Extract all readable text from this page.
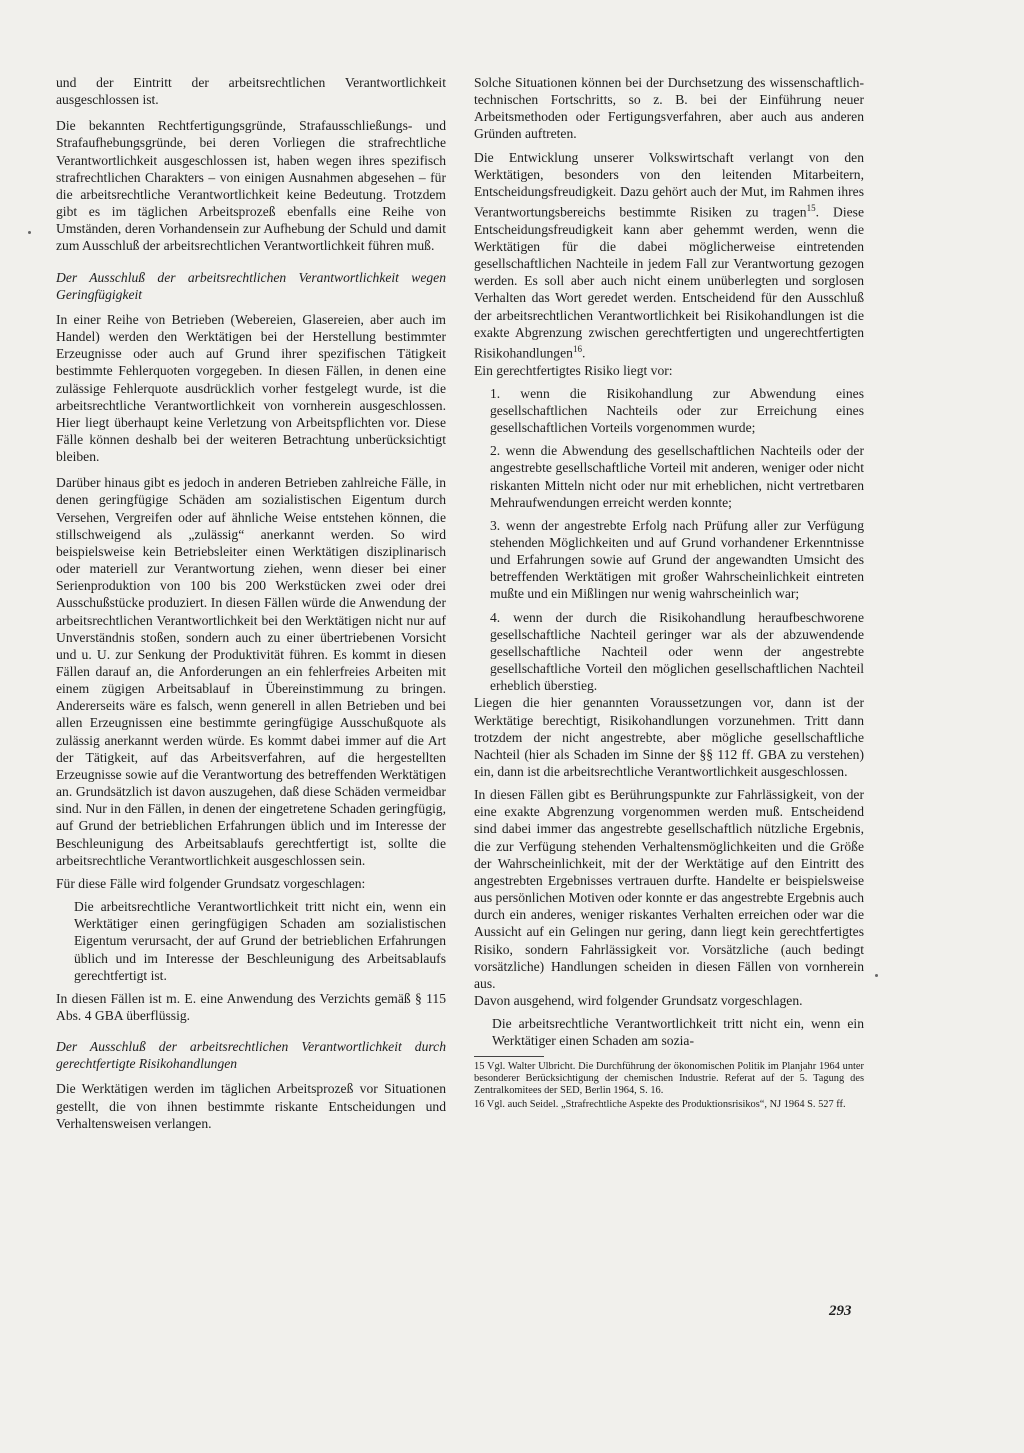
und der Eintritt der arbeitsrechtlichen Verantwortlichkeit ausgeschlossen ist.

Die bekannten Rechtfertigungsgründe, Strafausschließungs- und Strafaufhebungsgründe, bei deren Vorliegen die strafrechtliche Verantwortlichkeit ausgeschlossen ist, haben wegen ihres spezifisch strafrechtlichen Charakters – von einigen Ausnahmen abgesehen – für die arbeitsrechtliche Verantwortlichkeit keine Bedeutung. Trotzdem gibt es im täglichen Arbeitsprozeß ebenfalls eine Reihe von Umständen, deren Vorhandensein zur Aufhebung der Schuld und damit zum Ausschluß der arbeitsrechtlichen Verantwortlichkeit führen muß.

Der Ausschluß der arbeitsrechtlichen Verantwortlichkeit wegen Geringfügigkeit

In einer Reihe von Betrieben (Webereien, Glasereien, aber auch im Handel) werden den Werktätigen bei der Herstellung bestimmter Erzeugnisse oder auch auf Grund ihrer spezifischen Tätigkeit bestimmte Fehlerquoten vorgegeben. In diesen Fällen, in denen eine zulässige Fehlerquote ausdrücklich vorher festgelegt wurde, ist die arbeitsrechtliche Verantwortlichkeit von vornherein ausgeschlossen. Hier liegt überhaupt keine Verletzung von Arbeitspflichten vor. Diese Fälle können deshalb bei der weiteren Betrachtung unberücksichtigt bleiben.

Darüber hinaus gibt es jedoch in anderen Betrieben zahlreiche Fälle, in denen geringfügige Schäden am sozialistischen Eigentum durch Versehen, Vergreifen oder auf ähnliche Weise entstehen können, die stillschweigend als „zulässig“ anerkannt werden. So wird beispielsweise kein Betriebsleiter einen Werktätigen disziplinarisch oder materiell zur Verantwortung ziehen, wenn dieser bei einer Serienproduktion von 100 bis 200 Werkstücken zwei oder drei Ausschußstücke produziert. In diesen Fällen würde die Anwendung der arbeitsrechtlichen Verantwortlichkeit bei den Werktätigen nicht nur auf Unverständnis stoßen, sondern auch zu einer übertriebenen Vorsicht und u. U. zur Senkung der Produktivität führen. Es kommt in diesen Fällen darauf an, die Anforderungen an ein fehlerfreies Arbeiten mit einem zügigen Arbeitsablauf in Übereinstimmung zu bringen. Andererseits wäre es falsch, wenn generell in allen Betrieben und bei allen Erzeugnissen eine bestimmte geringfügige Ausschußquote als zulässig anerkannt werden würde. Es kommt dabei immer auf die Art der Tätigkeit, auf das Arbeitsverfahren, auf die hergestellten Erzeugnisse sowie auf die Verantwortung des betreffenden Werktätigen an. Grundsätzlich ist davon auszugehen, daß diese Schäden vermeidbar sind. Nur in den Fällen, in denen der eingetretene Schaden geringfügig, auf Grund der betrieblichen Erfahrungen üblich und im Interesse der Beschleunigung des Arbeitsablaufs gerechtfertigt ist, sollte die arbeitsrechtliche Verantwortlichkeit ausgeschlossen sein.

Für diese Fälle wird folgender Grundsatz vorgeschlagen:

Die arbeitsrechtliche Verantwortlichkeit tritt nicht ein, wenn ein Werktätiger einen geringfügigen Schaden am sozialistischen Eigentum verursacht, der auf Grund der betrieblichen Erfahrungen üblich und im Interesse der Beschleunigung des Arbeitsablaufs gerechtfertigt ist.

In diesen Fällen ist m. E. eine Anwendung des Verzichts gemäß § 115 Abs. 4 GBA überflüssig.

Der Ausschluß der arbeitsrechtlichen Verantwortlichkeit durch gerechtfertigte Risikohandlungen

Die Werktätigen werden im täglichen Arbeitsprozeß vor Situationen gestellt, die von ihnen bestimmte riskante Entscheidungen und Verhaltensweisen verlangen.

Solche Situationen können bei der Durchsetzung des wissenschaftlich-technischen Fortschritts, so z. B. bei der Einführung neuer Arbeitsmethoden oder Fertigungsverfahren, aber auch aus anderen Gründen auftreten.

Die Entwicklung unserer Volkswirtschaft verlangt von den Werktätigen, besonders von den leitenden Mitarbeitern, Entscheidungsfreudigkeit. Dazu gehört auch der Mut, im Rahmen ihres Verantwortungsbereichs bestimmte Risiken zu tragen$^{15}$. Diese Entscheidungsfreudigkeit kann aber gehemmt werden, wenn die Werktätigen für die dabei möglicherweise eintretenden gesellschaftlichen Nachteile in jedem Fall zur Verantwortung gezogen werden. Es soll aber auch nicht einem unüberlegten und sorglosen Verhalten das Wort geredet werden. Entscheidend für den Ausschluß der arbeitsrechtlichen Verantwortlichkeit bei Risikohandlungen ist die exakte Abgrenzung zwischen gerechtfertigten und ungerechtfertigten Risikohandlungen$^{16}$.

Ein gerechtfertigtes Risiko liegt vor:

1. wenn die Risikohandlung zur Abwendung eines gesellschaftlichen Nachteils oder zur Erreichung eines gesellschaftlichen Vorteils vorgenommen wurde;

2. wenn die Abwendung des gesellschaftlichen Nachteils oder der angestrebte gesellschaftliche Vorteil mit anderen, weniger oder nicht riskanten Mitteln nicht oder nur mit erheblichen, nicht vertretbaren Mehraufwendungen erreicht werden konnte;

3. wenn der angestrebte Erfolg nach Prüfung aller zur Verfügung stehenden Möglichkeiten und auf Grund vorhandener Erkenntnisse und Erfahrungen sowie auf Grund der angewandten Umsicht des betreffenden Werktätigen mit großer Wahrscheinlichkeit eintreten mußte und ein Mißlingen nur wenig wahrscheinlich war;

4. wenn der durch die Risikohandlung heraufbeschworene gesellschaftliche Nachteil geringer war als der abzuwendende gesellschaftliche Nachteil oder wenn der angestrebte gesellschaftliche Vorteil den möglichen gesellschaftlichen Nachteil erheblich überstieg.

Liegen die hier genannten Voraussetzungen vor, dann ist der Werktätige berechtigt, Risikohandlungen vorzunehmen. Tritt dann trotzdem der nicht angestrebte, aber mögliche gesellschaftliche Nachteil (hier als Schaden im Sinne der §§ 112 ff. GBA zu verstehen) ein, dann ist die arbeitsrechtliche Verantwortlichkeit ausgeschlossen.

In diesen Fällen gibt es Berührungspunkte zur Fahrlässigkeit, von der eine exakte Abgrenzung vorgenommen werden muß. Entscheidend sind dabei immer das angestrebte gesellschaftlich nützliche Ergebnis, die zur Verfügung stehenden Verhaltensmöglichkeiten und die Größe der Wahrscheinlichkeit, mit der der Werktätige auf den Eintritt des angestrebten Ergebnisses vertrauen durfte. Handelte er beispielsweise aus persönlichen Motiven oder konnte er das angestrebte Ergebnis auch durch ein anderes, weniger riskantes Verhalten erreichen oder war die Aussicht auf ein Gelingen nur gering, dann liegt kein gerechtfertigtes Risiko, sondern Fahrlässigkeit vor. Vorsätzliche (auch bedingt vorsätzliche) Handlungen scheiden in diesen Fällen von vornherein aus.

Davon ausgehend, wird folgender Grundsatz vorgeschlagen.

Die arbeitsrechtliche Verantwortlichkeit tritt nicht ein, wenn ein Werktätiger einen Schaden am sozia-

15 Vgl. Walter Ulbricht. Die Durchführung der ökonomischen Politik im Planjahr 1964 unter besonderer Berücksichtigung der chemischen Industrie. Referat auf der 5. Tagung des Zentralkomitees der SED, Berlin 1964, S. 16.

16 Vgl. auch Seidel. „Strafrechtliche Aspekte des Produktionsrisikos“, NJ 1964 S. 527 ff.

293
